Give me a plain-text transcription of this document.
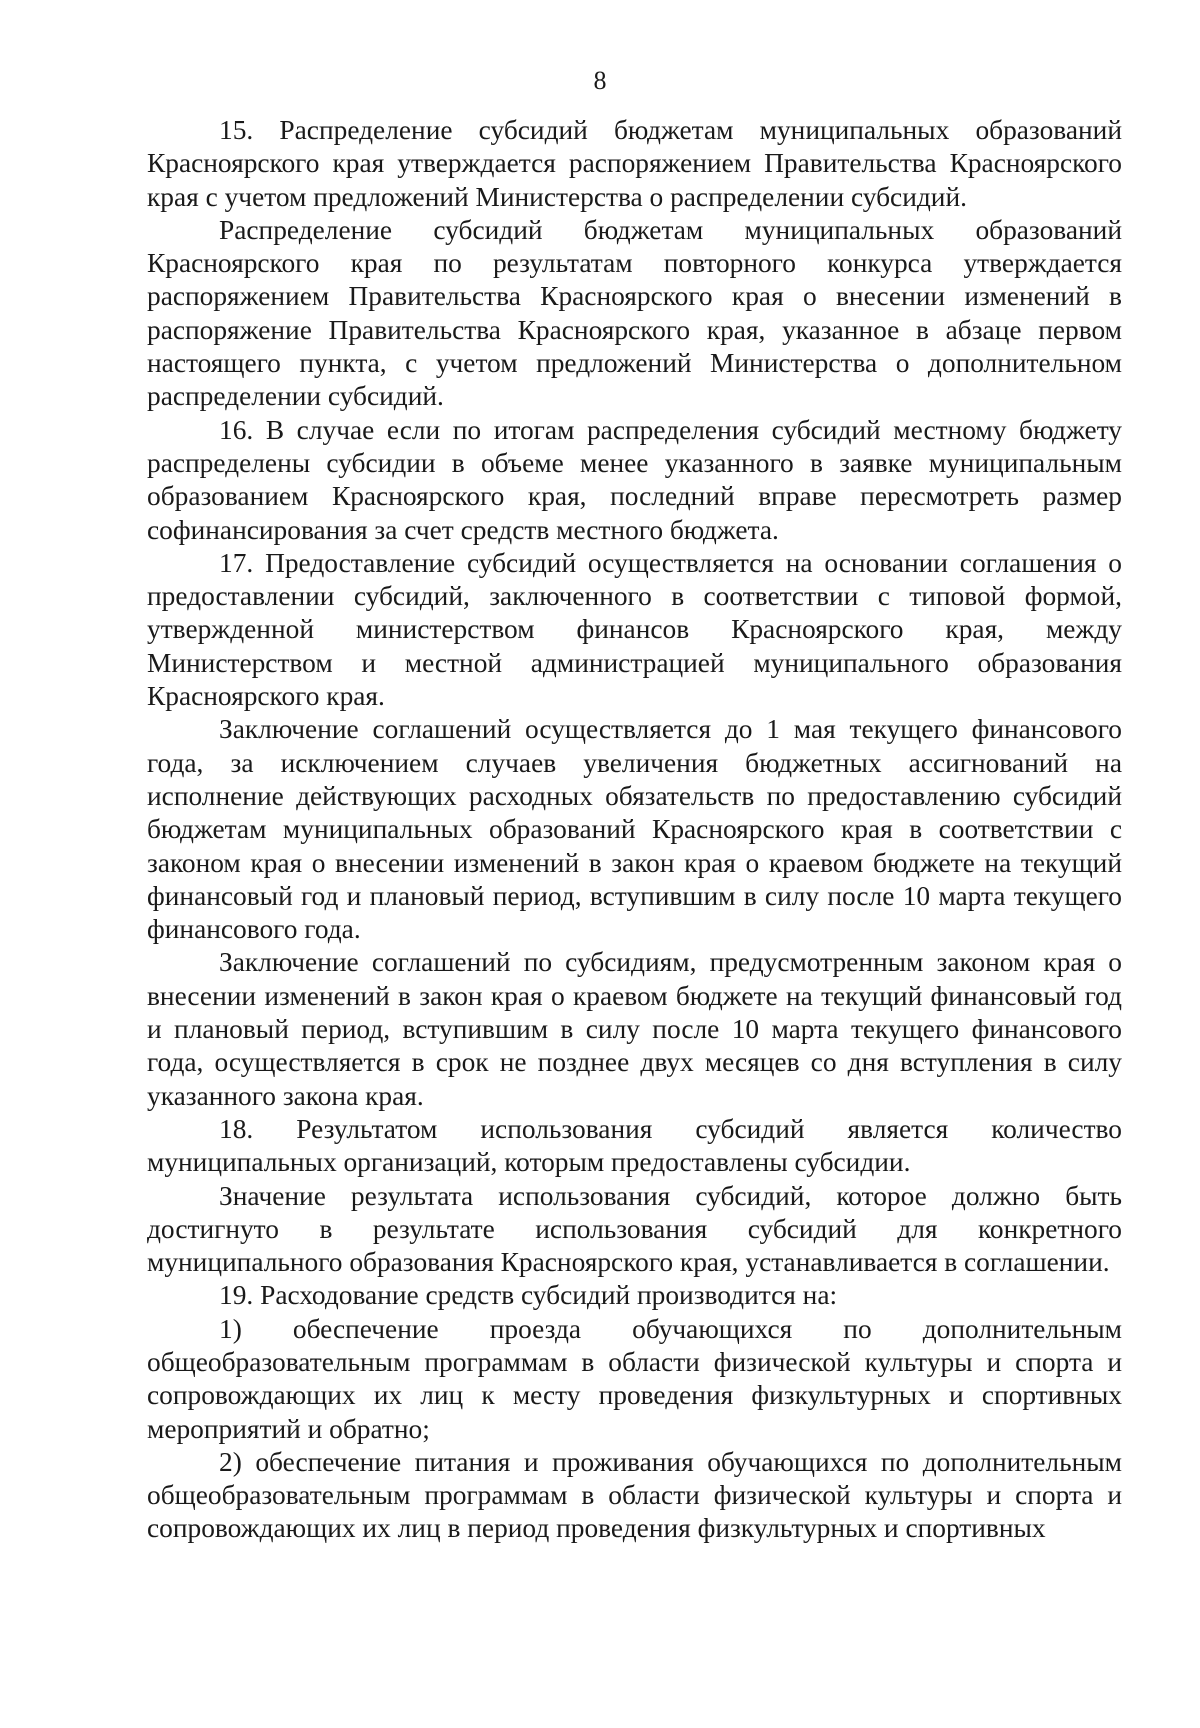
8

15. Распределение субсидий бюджетам муниципальных образований Красноярского края утверждается распоряжением Правительства Красноярского края с учетом предложений Министерства о распределении субсидий.

Распределение субсидий бюджетам муниципальных образований Красноярского края по результатам повторного конкурса утверждается распоряжением Правительства Красноярского края о внесении изменений в распоряжение Правительства Красноярского края, указанное в абзаце первом настоящего пункта, с учетом предложений Министерства о дополнительном распределении субсидий.

16. В случае если по итогам распределения субсидий местному бюджету распределены субсидии в объеме менее указанного в заявке муниципальным образованием Красноярского края, последний вправе пересмотреть размер софинансирования за счет средств местного бюджета.

17. Предоставление субсидий осуществляется на основании соглашения о предоставлении субсидий, заключенного в соответствии с типовой формой, утвержденной министерством финансов Красноярского края, между Министерством и местной администрацией муниципального образования Красноярского края.

Заключение соглашений осуществляется до 1 мая текущего финансового года, за исключением случаев увеличения бюджетных ассигнований на исполнение действующих расходных обязательств по предоставлению субсидий бюджетам муниципальных образований Красноярского края в соответствии с законом края о внесении изменений в закон края о краевом бюджете на текущий финансовый год и плановый период, вступившим в силу после 10 марта текущего финансового года.

Заключение соглашений по субсидиям, предусмотренным законом края о внесении изменений в закон края о краевом бюджете на текущий финансовый год и плановый период, вступившим в силу после 10 марта текущего финансового года, осуществляется в срок не позднее двух месяцев со дня вступления в силу указанного закона края.

18. Результатом использования субсидий является количество муниципальных организаций, которым предоставлены субсидии.

Значение результата использования субсидий, которое должно быть достигнуто в результате использования субсидий для конкретного муниципального образования Красноярского края, устанавливается в соглашении.

19. Расходование средств субсидий производится на:

1) обеспечение проезда обучающихся по дополнительным общеобразовательным программам в области физической культуры и спорта и сопровождающих их лиц к месту проведения физкультурных и спортивных мероприятий и обратно;

2) обеспечение питания и проживания обучающихся по дополнительным общеобразовательным программам в области физической культуры и спорта и сопровождающих их лиц в период проведения физкультурных и спортивных
